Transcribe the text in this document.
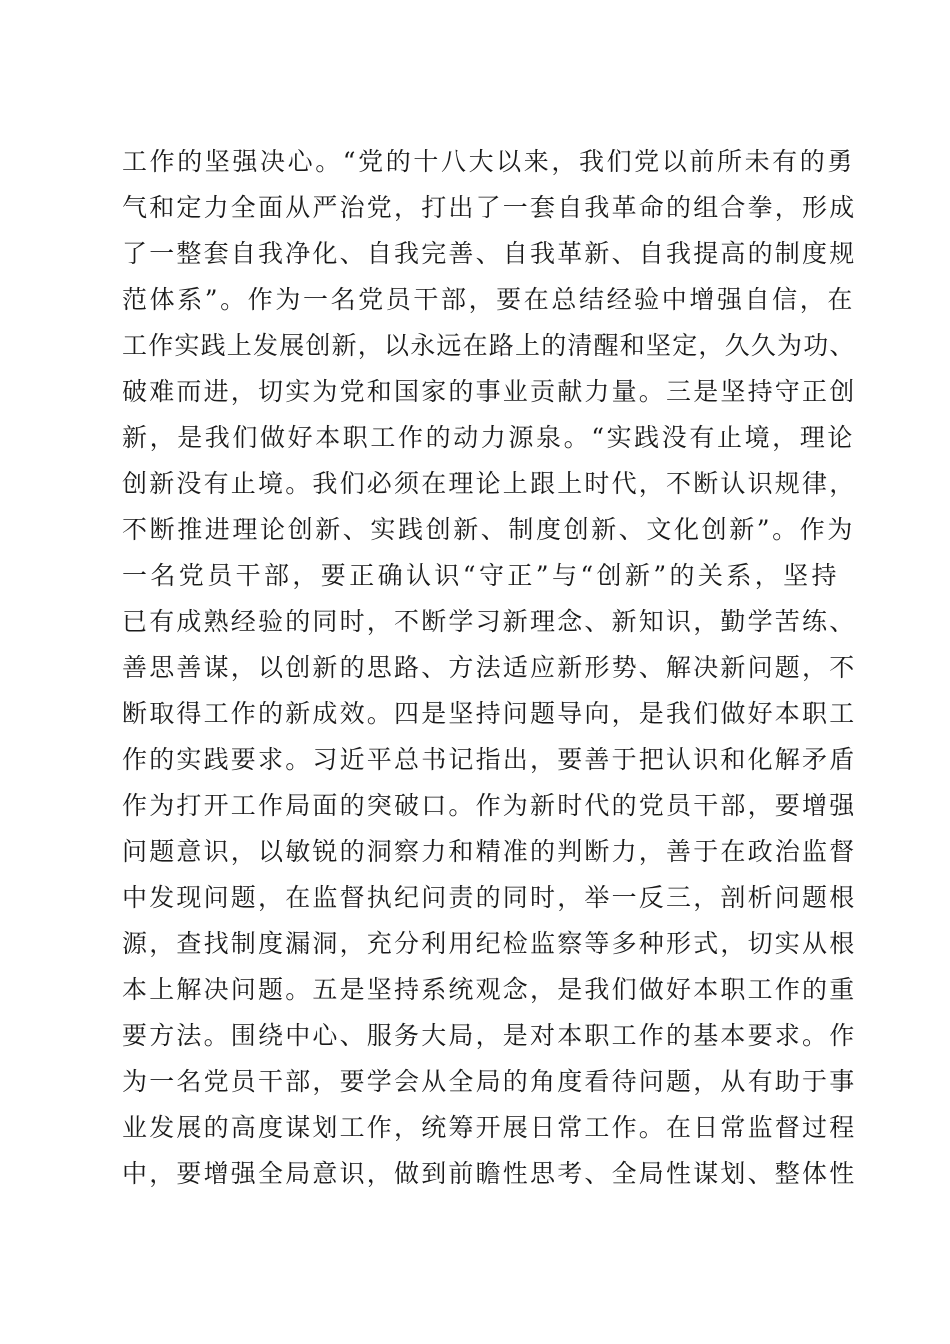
工作的坚强决心。“党的十八大以来，我们党以前所未有的勇
气和定力全面从严治党，打出了一套自我革命的组合拳，形成
了一整套自我净化、自我完善、自我革新、自我提高的制度规
范体系”。作为一名党员干部，要在总结经验中增强自信，在
工作实践上发展创新，以永远在路上的清醒和坚定，久久为功、
破难而进，切实为党和国家的事业贡献力量。三是坚持守正创
新，是我们做好本职工作的动力源泉。“实践没有止境，理论
创新没有止境。我们必须在理论上跟上时代，不断认识规律，
不断推进理论创新、实践创新、制度创新、文化创新”。作为
一名党员干部，要正确认识“守正”与“创新”的关系，坚持
已有成熟经验的同时，不断学习新理念、新知识，勤学苦练、
善思善谋，以创新的思路、方法适应新形势、解决新问题，不
断取得工作的新成效。四是坚持问题导向，是我们做好本职工
作的实践要求。习近平总书记指出，要善于把认识和化解矛盾
作为打开工作局面的突破口。作为新时代的党员干部，要增强
问题意识，以敏锐的洞察力和精准的判断力，善于在政治监督
中发现问题，在监督执纪问责的同时，举一反三，剖析问题根
源，查找制度漏洞，充分利用纪检监察等多种形式，切实从根
本上解决问题。五是坚持系统观念，是我们做好本职工作的重
要方法。围绕中心、服务大局，是对本职工作的基本要求。作
为一名党员干部，要学会从全局的角度看待问题，从有助于事
业发展的高度谋划工作，统筹开展日常工作。在日常监督过程
中，要增强全局意识，做到前瞻性思考、全局性谋划、整体性
